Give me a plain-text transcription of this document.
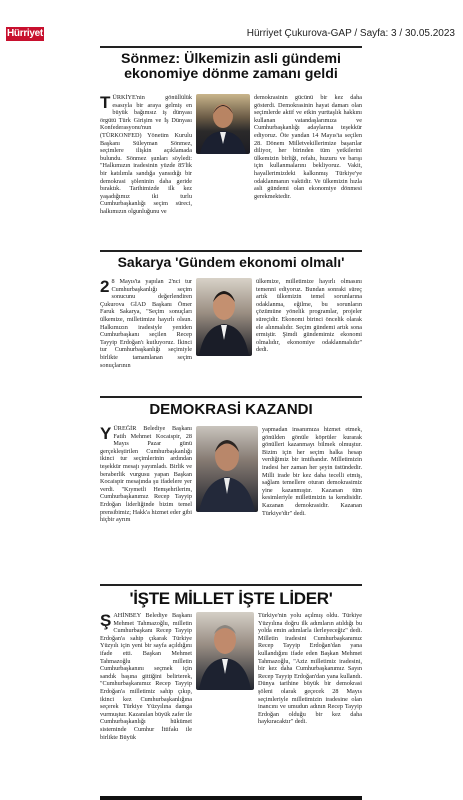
Hürriyet	Hürriyet Çukurova-GAP / Sayfa: 3 / 30.05.2023
Sönmez: Ülkemizin asli gündemi ekonomiye dönme zamanı geldi
TÜRKİYE'nin gönüllülük esasıyla bir araya gelmiş en büyük bağımsız iş dünyası örgütü Türk Girişim ve İş Dünyası Konfederasyonu'nun (TÜRKONFED) Yönetim Kurulu Başkanı Süleyman Sönmez, seçimlere ilişkin açıklamada bulundu. Sönmez şunları söyledi: "Halkımızın iradesinin yüzde 85'lik bir katılımla sandığa yansıdığı bir demokrasi şöleninin daha geride bıraktık. Tarihimizde ilk kez yaşadığımız iki turlu Cumhurbaşkanlığı seçim süreci, halkımızın olgunluğunu ve
demokrasinin gücünü bir kez daha gösterdi. Demokrasinin hayat damarı olan seçimlerde aktif ve etkin yurttaşlık hakkını kullanan vatandaşlarımıza ve Cumhurbaşkanlığı adaylarına teşekkür ediyoruz. Öte yandan 14 Mayıs'ta seçilen 28. Dönem Milletvekillerimize başarılar diliyor, her birinden tüm yetkilerini ülkemizin birliği, refahı, huzuru ve barışı için kullanmalarını bekliyoruz. Vakit, hayallerimizdeki kalkınmış Türkiye'ye odaklanmanın vaktidir. Ve ülkemizin hızla asli gündemi olan ekonomiye dönmesi gerekmektedir.
Sakarya 'Gündem ekonomi olmalı'
2 8 Mayıs'ta yapılan 2'nci tur Cumhurbaşkanlığı seçim sonucunu değerlendiren Çukurova GİAD Başkanı Ömer Faruk Sakarya, "Seçim sonuçları ülkemize, milletimize hayırlı olsun. Halkımızın iradesiyle yeniden Cumhurbaşkanı seçilen Recep Tayyip Erdoğan'ı kutluyoruz. İkinci tur Cumhurbaşkanlığı seçimiyle birlikte tamamlanan seçim sonuçlarının
ülkemize, milletimize hayırlı olmasını temenni ediyoruz. Bundan sonraki süreç artık ülkemizin temel sorunlarına odaklanma, eğilme, bu sorunların çözümüne yönelik programlar, projeler süreçidir. Ekonomi birinci öncelik olarak ele alınmalıdır. Seçim gündemi artık sona ermiştir. Şimdi gündemimiz ekonomi olmalıdır, ekonomiye odaklanmalıdır" dedi.
DEMOKRASİ KAZANDI
YÜREĞİR Belediye Başkanı Fatih Mehmet Kocaispir, 28 Mayıs Pazar günü gerçekleştirilen Cumhurbaşkanlığı ikinci tur seçimlerinin ardından teşekkür mesajı yayımladı. Birlik ve beraberlik vurgusu yapan Başkan Kocaispir mesajında şu ifadelere yer verdi. "Kıymetli Hemşehrilerim, Cumhurbaşkanımız Recep Tayyip Erdoğan liderliğinde bizim temel prensibimiz; Hakk'a hizmet eder gibi hiçbir ayrım
yapmadan insanımıza hizmet etmek, gönülden gönüle köprüler kurarak gönülleri kazanmayı bilmek olmuştur. Bizim için her seçim halka hesap verdiğimiz bir imtihandır. Milletimizin iradesi her zaman her şeyin üstündedir. Milli irade bir kez daha tecelli etmiş, sağlam temellere oturan demokrasimiz yine kazanmıştır. Kazanan tüm kesimleriyle milletimizin ta kendisidir. Kazanan demokrasidir. Kazanan Türkiye'dir" dedi.
'İŞTE MİLLET İŞTE LİDER'
ŞAHİNBEY Belediye Başkanı Mehmet Tahmazoğlu, milletin Cumhurbaşkanı Recep Tayyip Erdoğan'a sahip çıkarak Türkiye Yüzyılı için yeni bir sayfa açıldığını ifade etti. Başkan Mehmet Tahmazoğlu milletin Cumhurbaşkanını seçmek için sandık başına gittiğini belirterek, "Cumhurbaşkanımız Recep Tayyip Erdoğan'a milletimiz sahip çıkıp, ikinci kez Cumhurbaşkanlığına seçerek Türkiye Yüzyılına damga vurmuştur. Kazanılan büyük zafer ile Cumhurbaşkanlığı hükümet sisteminde Cumhur İttifakı ile birlikte Büyük
Türkiye'nin yolu açılmış oldu. Türkiye Yüzyılına doğru ilk adımların atıldığı bu yolda emin adımlarla ilerleyeceğiz" dedi. Milletin iradesini Cumhurbaşkanımız Recep Tayyip Erdoğan'dan yana kullandığını ifade eden Başkan Mehmet Tahmazoğlu, "Aziz milletimiz iradesini, bir kez daha Cumhurbaşkanımız Sayın Recep Tayyip Erdoğan'dan yana kullandı. Dünya tarihine büyük bir demokrasi şöleni olarak geçecek 28 Mayıs seçimleriyle milletimizin iradesine olan inancını ve umudun adının Recep Tayyip Erdoğan olduğu bir kez daha haykıracaktır" dedi.
